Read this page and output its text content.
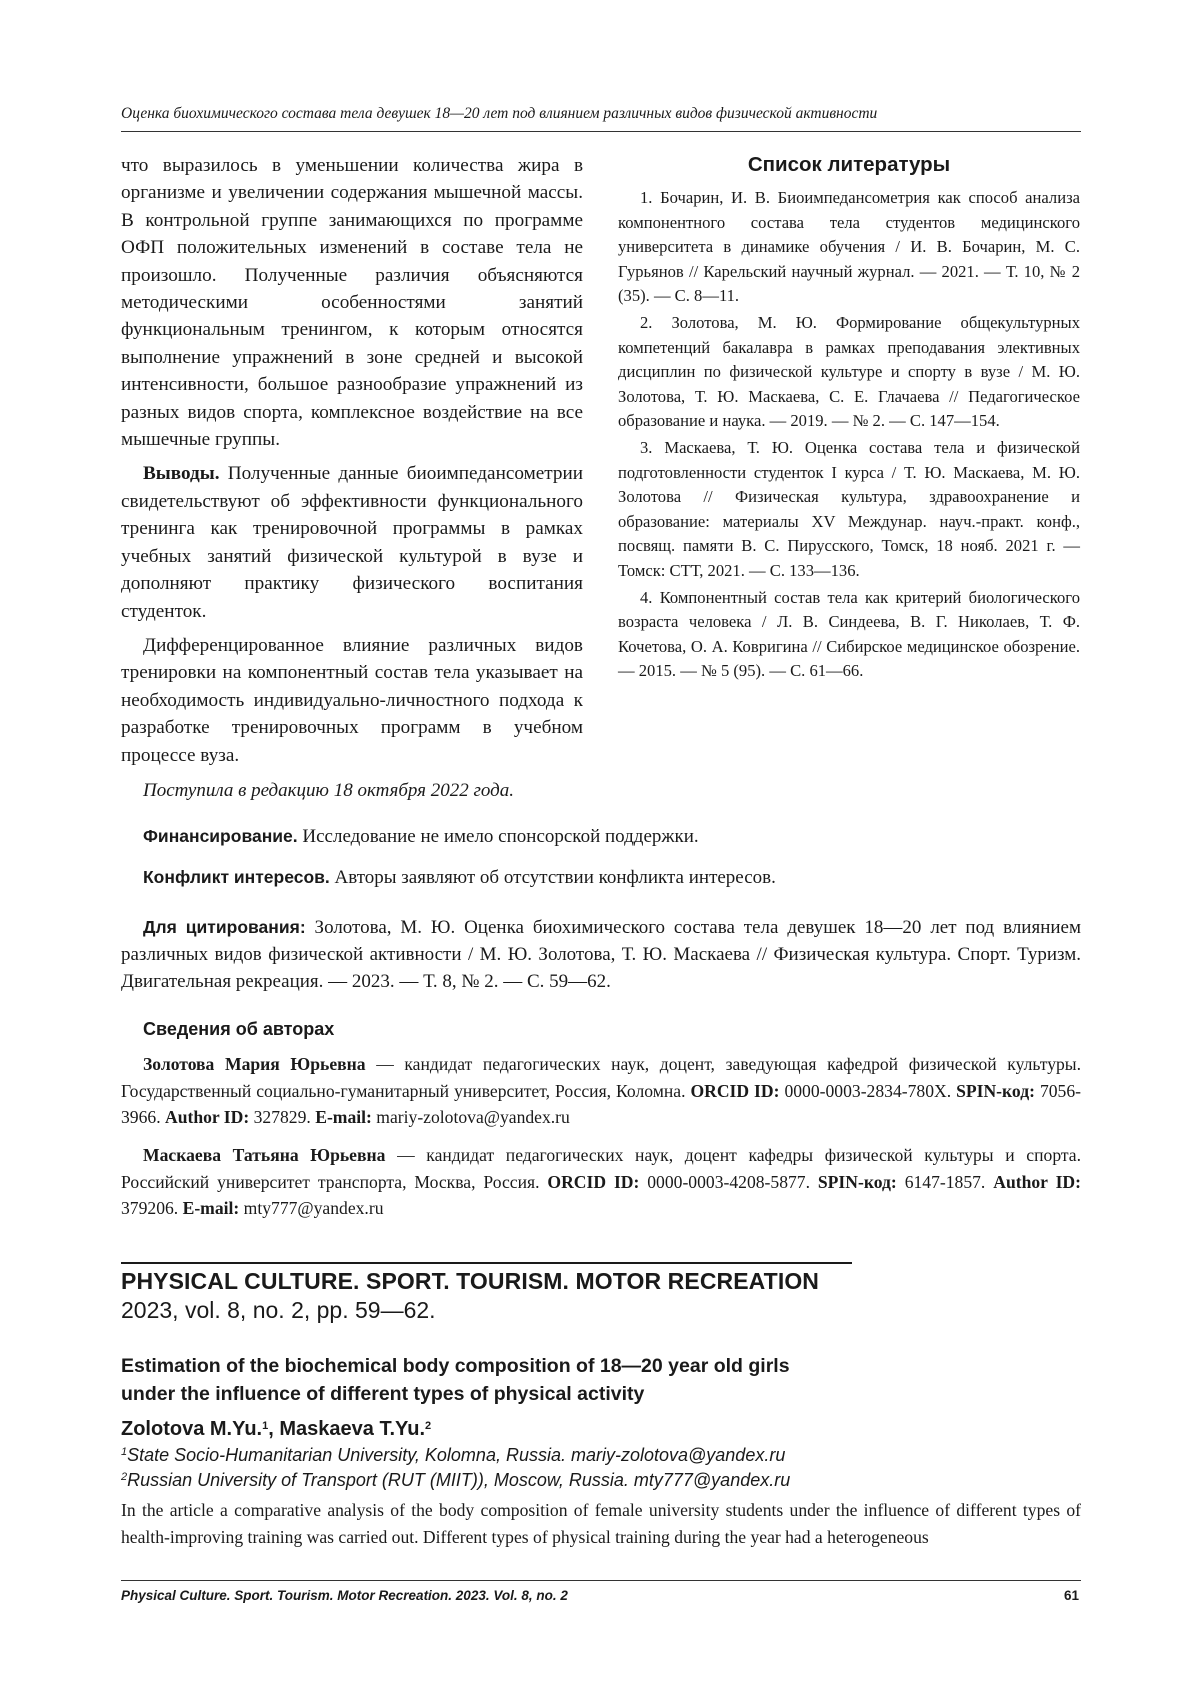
Оценка биохимического состава тела девушек 18—20 лет под влиянием различных видов физической активности

что выразилось в уменьшении количества жира в организме и увеличении содержания мышечной массы. В контрольной группе занимающихся по программе ОФП положительных изменений в составе тела не произошло. Полученные различия объясняются методическими особенностями занятий функциональным тренингом, к которым относятся выполнение упражнений в зоне средней и высокой интенсивности, большое разнообразие упражнений из разных видов спорта, комплексное воздействие на все мышечные группы.

Выводы. Полученные данные биоимпедансометрии свидетельствуют об эффективности функционального тренинга как тренировочной программы в рамках учебных занятий физической культурой в вузе и дополняют практику физического воспитания студенток.

Дифференцированное влияние различных видов тренировки на компонентный состав тела указывает на необходимость индивидуально-личностного подхода к разработке тренировочных программ в учебном процессе вуза.

Список литературы
1. Бочарин, И. В. Биоимпедансометрия как способ анализа компонентного состава тела студентов медицинского университета в динамике обучения / И. В. Бочарин, М. С. Гурьянов // Карельский научный журнал. — 2021. — Т. 10, № 2 (35). — С. 8—11.
2. Золотова, М. Ю. Формирование общекультурных компетенций бакалавра в рамках преподавания элективных дисциплин по физической культуре и спорту в вузе / М. Ю. Золотова, Т. Ю. Маскаева, С. Е. Глачаева // Педагогическое образование и наука. — 2019. — № 2. — С. 147—154.
3. Маскаева, Т. Ю. Оценка состава тела и физической подготовленности студенток I курса / Т. Ю. Маскаева, М. Ю. Золотова // Физическая культура, здравоохранение и образование: материалы XV Междунар. науч.-практ. конф., посвящ. памяти В. С. Пирусского, Томск, 18 нояб. 2021 г. — Томск: СТТ, 2021. — С. 133—136.
4. Компонентный состав тела как критерий биологического возраста человека / Л. В. Синдеева, В. Г. Николаев, Т. Ф. Кочетова, О. А. Ковригина // Сибирское медицинское обозрение. — 2015. — № 5 (95). — С. 61—66.
Поступила в редакцию 18 октября 2022 года.
Финансирование. Исследование не имело спонсорской поддержки.
Конфликт интересов. Авторы заявляют об отсутствии конфликта интересов.
Для цитирования: Золотова, М. Ю. Оценка биохимического состава тела девушек 18—20 лет под влиянием различных видов физической активности / М. Ю. Золотова, Т. Ю. Маскаева // Физическая культура. Спорт. Туризм. Двигательная рекреация. — 2023. — Т. 8, № 2. — С. 59—62.
Сведения об авторах
Золотова Мария Юрьевна — кандидат педагогических наук, доцент, заведующая кафедрой физической культуры. Государственный социально-гуманитарный университет, Россия, Коломна. ORCID ID: 0000-0003-2834-780X. SPIN-код: 7056-3966. Author ID: 327829. E-mail: mariy-zolotova@yandex.ru
Маскаева Татьяна Юрьевна — кандидат педагогических наук, доцент кафедры физической культуры и спорта. Российский университет транспорта, Москва, Россия. ORCID ID: 0000-0003-4208-5877. SPIN-код: 6147-1857. Author ID: 379206. E-mail: mty777@yandex.ru
PHYSICAL CULTURE. SPORT. TOURISM. MOTOR RECREATION
2023, vol. 8, no. 2, pp. 59—62.
Estimation of the biochemical body composition of 18—20 year old girls
under the influence of different types of physical activity
Zolotova M.Yu.$^1$, Maskaeva T.Yu.$^2$
$^1$State Socio-Humanitarian University, Kolomna, Russia. mariy-zolotova@yandex.ru
$^2$Russian University of Transport (RUT (MIIT)), Moscow, Russia. mty777@yandex.ru
In the article a comparative analysis of the body composition of female university students under the influence of different types of health-improving training was carried out. Different types of physical training during the year had a heterogeneous
Physical Culture. Sport. Tourism. Motor Recreation. 2023. Vol. 8, no. 2	61
